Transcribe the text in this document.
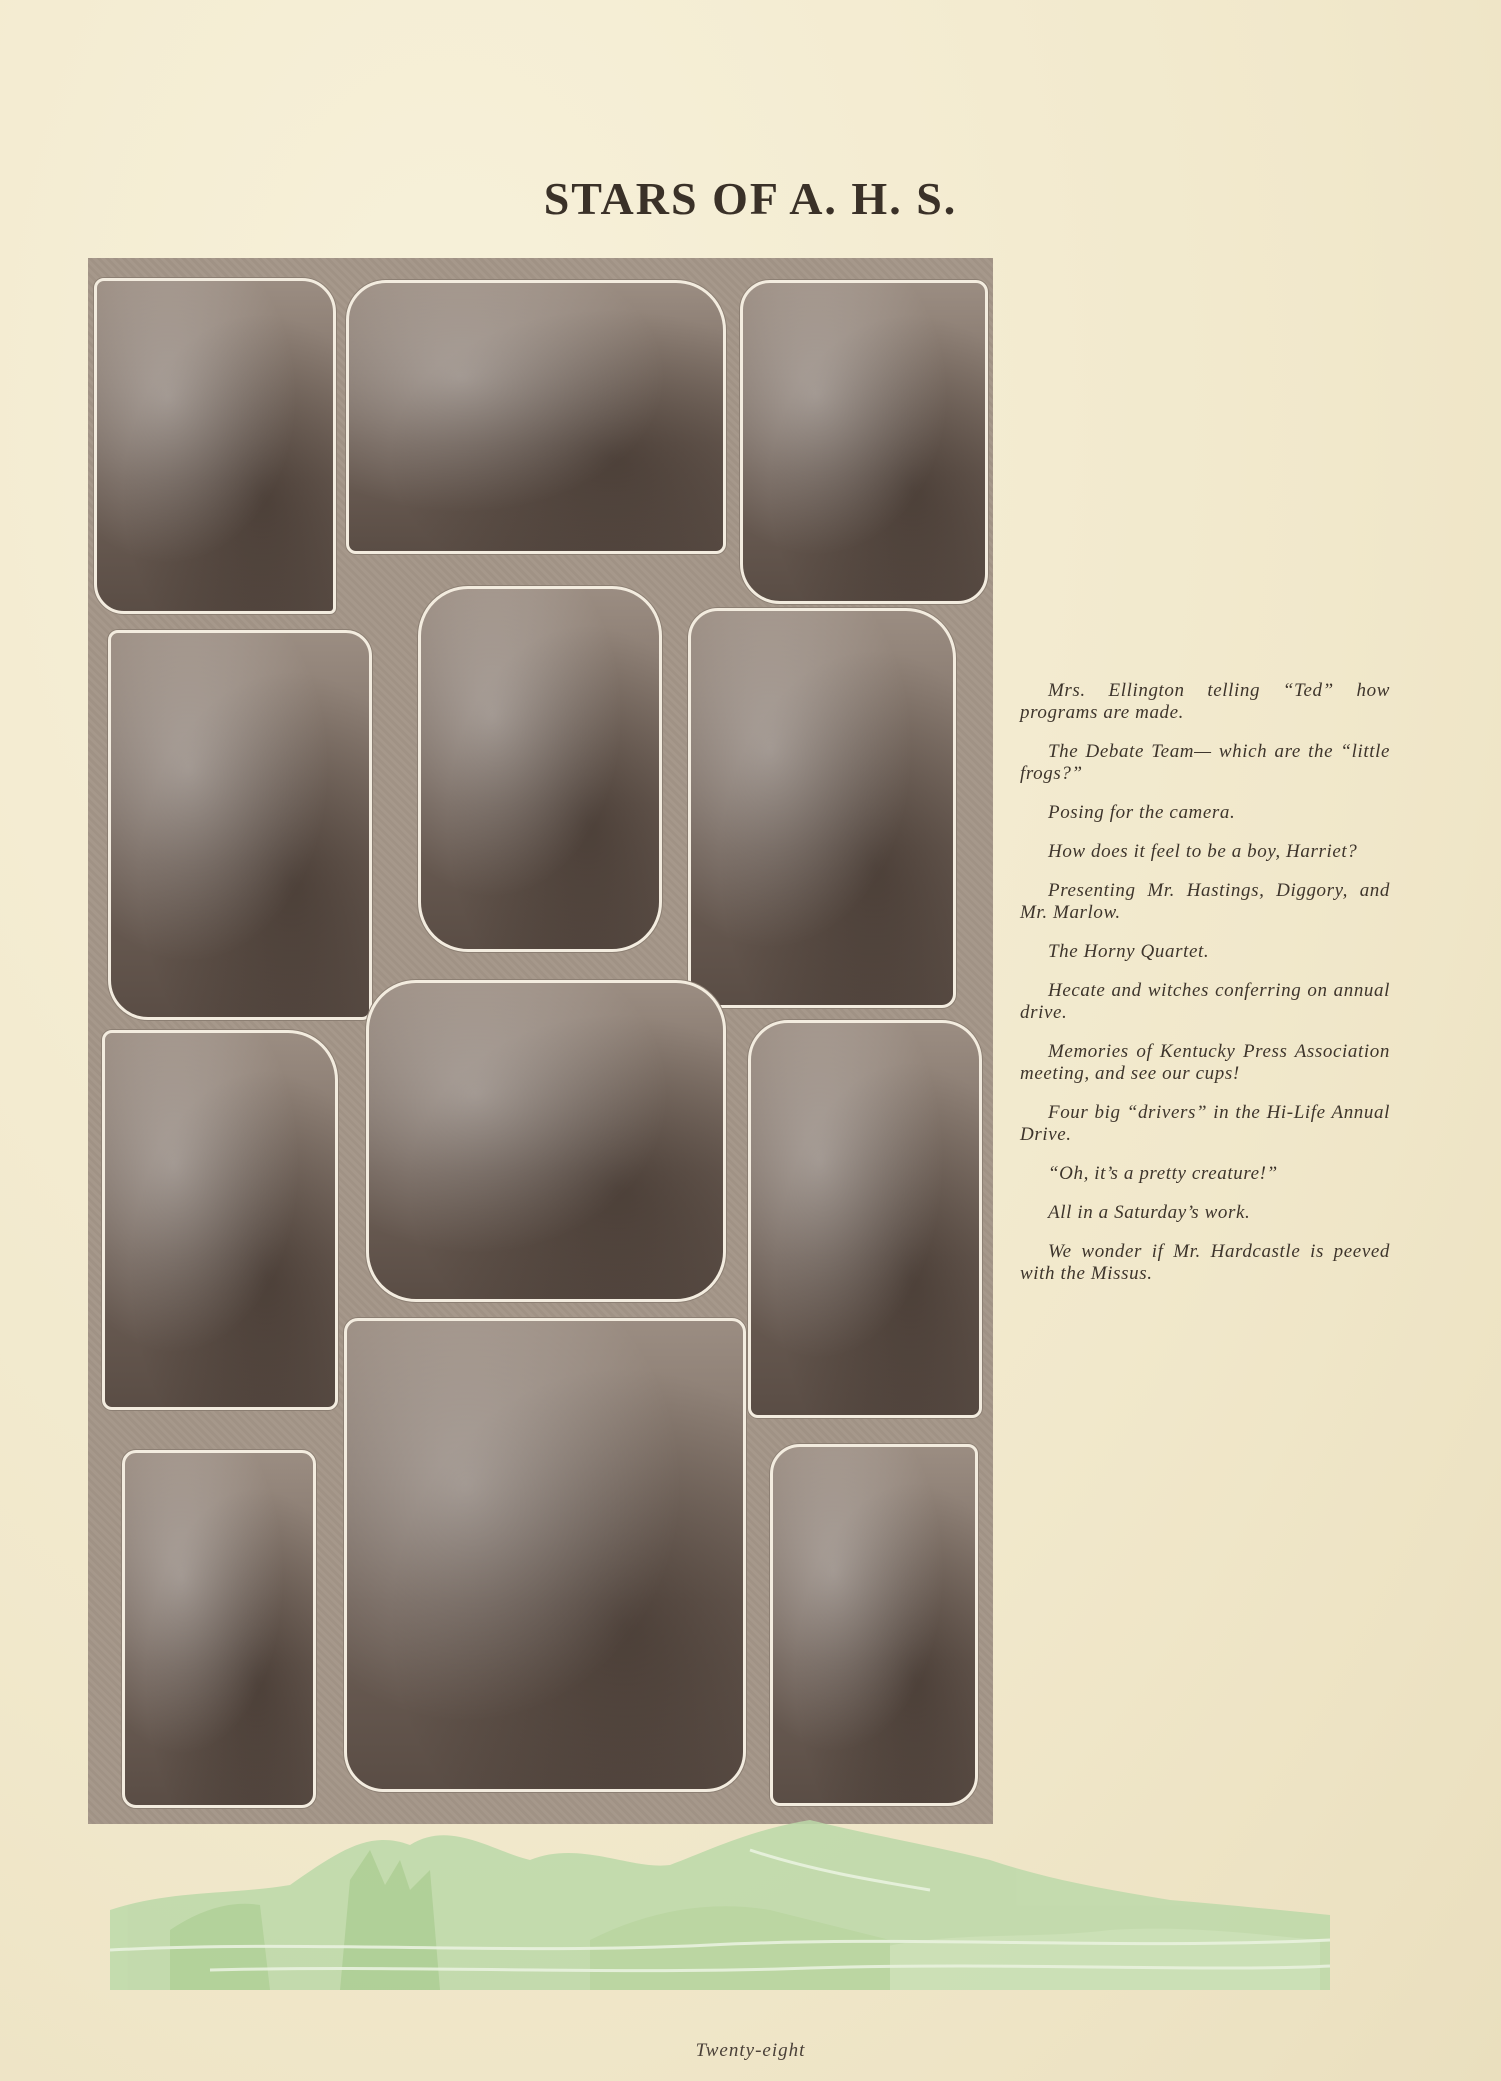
STARS OF A. H. S.

Mrs. Ellington telling “Ted” how programs are made.

The Debate Team— which are the “little frogs?”

Posing for the camera.

How does it feel to be a boy, Harriet?

Presenting Mr. Hastings, Diggory, and Mr. Marlow.

The Horny Quartet.

Hecate and witches conferring on annual drive.

Memories of Kentucky Press Association meeting, and see our cups!

Four big “drivers” in the Hi-Life Annual Drive.

“Oh, it’s a pretty creature!”

All in a Saturday’s work.

We wonder if Mr. Hardcastle is peeved with the Missus.

Twenty-eight
